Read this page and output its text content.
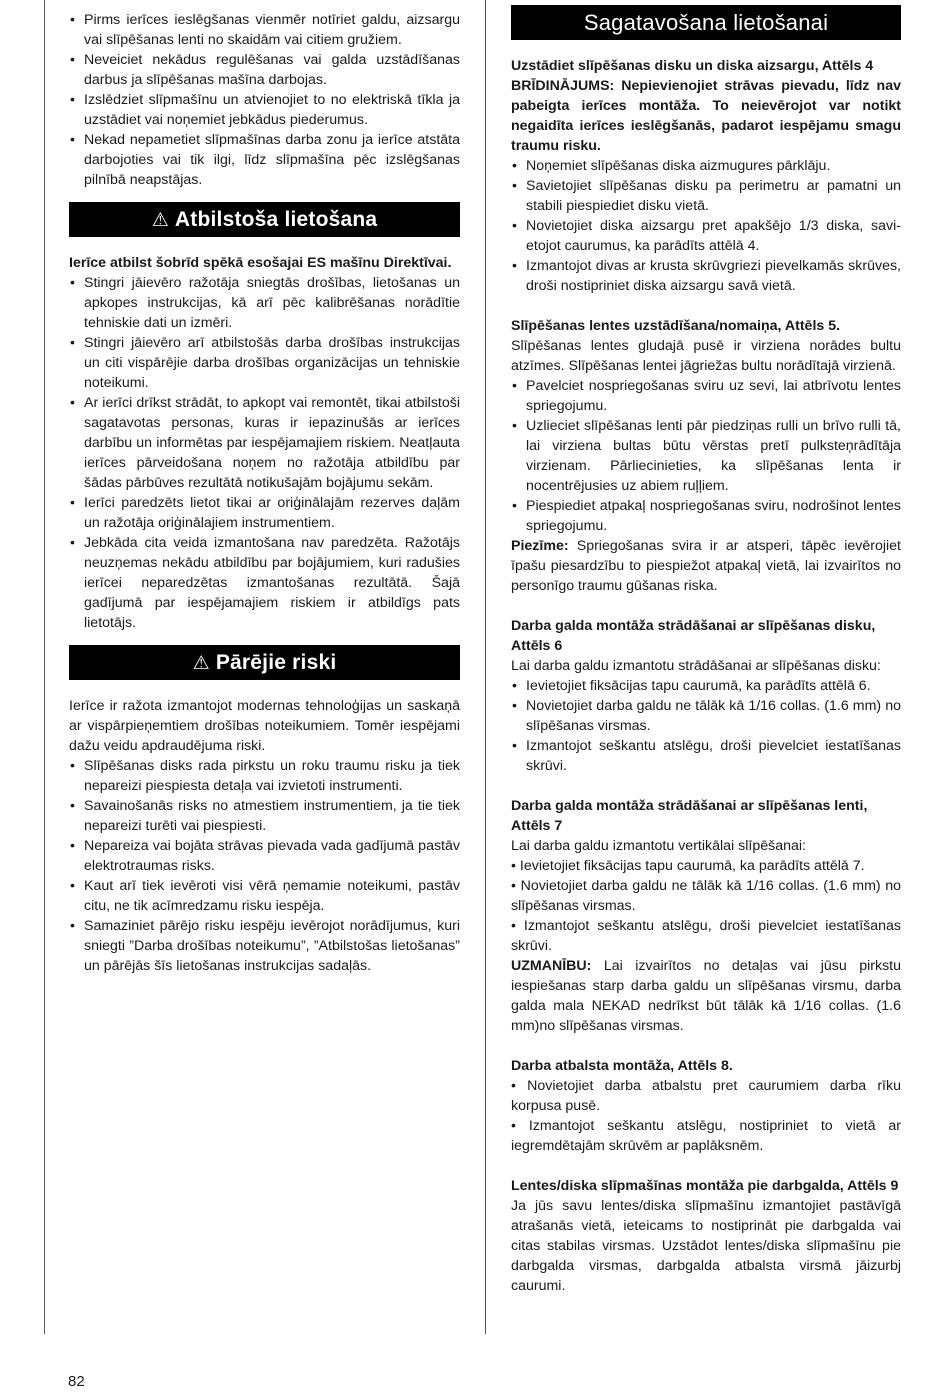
• Pirms ierīces ieslēgšanas vienmēr notīriet galdu, aizsargu vai slīpēšanas lenti no skaidām vai citiem gružiem.
• Neveiciet nekādus regulēšanas vai galda uzstādīšanas darbus ja slīpēšanas mašīna darbojas.
• Izslēdziet slīpmašīnu un atvienojiet to no elektriskā tīkla ja uzstādiet vai noņemiet jebkādus piederumus.
• Nekad nepametiet slīpmašīnas darba zonu ja ierīce atstāta darbojoties vai tik ilgi, līdz slīpmašīna pēc izslēgšanas pilnībā neapstājas.
⚠ Atbilstoša lietošana

Ierīce atbilst šobrīd spēkā esošajai ES mašīnu Direktīvai.

• Stingri jāievēro ražotāja sniegtās drošības, lietošanas un apkopes instrukcijas, kā arī pēc kalibrēšanas norādītie tehniskie dati un izmēri.
• Stingri jāievēro arī atbilstošās darba drošības instrukcijas un citi vispārējie darba drošības organizācijas un tehniskie noteikumi.
• Ar ierīci drīkst strādāt, to apkopt vai remontēt, tikai atbilstoši sagatavotas personas, kuras ir iepazinušās ar ierīces darbību un informētas par iespējamajiem riskiem. Neatļauta ierīces pārveidošana noņem no ražotāja atbildību par šādas pārbūves rezultātā notikušajām bojājumu sekām.
• Ierīci paredzēts lietot tikai ar oriģinālajām rezerves daļām un ražotāja oriģinālajiem instrumentiem.
• Jebkāda cita veida izmantošana nav paredzēta. Ražotājs neuzņemas nekādu atbildību par bojājumiem, kuri radušies ierīcei neparedzētas izmantošanas rezultātā. Šajā gadījumā par iespējamajiem riskiem ir atbildīgs pats lietotājs.
⚠ Pārējie riski

Ierīce ir ražota izmantojot modernas tehnoloģijas un saskaņā ar vispārpieņemtiem drošības noteikumiem. Tomēr iespējami dažu veidu apdraudējuma riski.

• Slīpēšanas disks rada pirkstu un roku traumu risku ja tiek nepareizi piespiesta detaļa vai izvietoti instrumenti.
• Savainošanās risks no atmestiem instrumentiem, ja tie tiek nepareizi turēti vai piespiesti.
• Nepareiza vai bojāta strāvas pievada vada gadījumā pastāv elektrotraumas risks.
• Kaut arī tiek ievēroti visi vērā ņemamie noteikumi, pastāv citu, ne tik acīmredzamu risku iespēja.
• Samaziniet pārējo risku iespēju ievērojot norādījumus, kuri sniegti ”Darba drošības noteikumu”, ”Atbilstošas lietošanas” un pārējās šīs lietošanas instrukcijas sadaļās.
Sagatavošana lietošanai

Uzstādiet slīpēšanas disku un diska aizsargu, Attēls 4

BRĪDINĀJUMS: Nepievienojiet strāvas pievadu, līdz nav pabeigta ierīces montāža. To neievērojot var notikt negaidīta ierīces ieslēgšanās, padarot iespējamu smagu traumu risku.

• Noņemiet slīpēšanas diska aizmugures pārklāju.
• Savietojiet slīpēšanas disku pa perimetru ar pamatni un stabili piespiediet disku vietā.
• Novietojiet diska aizsargu pret apakšējo 1/3 diska, savietojot caurumus, ka parādīts attēlā 4.
• Izmantojot divas ar krusta skrūvgriezi pievelkamās skrūves, droši nostipriniet diska aizsargu savā vietā.

Slīpēšanas lentes uzstādīšana/nomaiņa, Attēls 5.

Slīpēšanas lentes gludajā pusē ir virziena norādes bultu atzīmes. Slīpēšanas lentei jāgriežas bultu norādītajā virzienā.

• Pavelciet nospriegošanas sviru uz sevi, lai atbrīvotu lentes spriegojumu.
• Uzlieciet slīpēšanas lenti pār piedziņas rulli un brīvo rulli tā, lai virziena bultas būtu vērstas pretī pulksteņrādītāja virzienam. Pārliecinieties, ka slīpēšanas lenta ir nocentrējusies uz abiem ruļļiem.
• Piespiediet atpakaļ nospriegošanas sviru, nodrošinot lentes spriegojumu.

Piezīme: Spriegošanas svira ir ar atsperi, tāpēc ievērojiet īpašu piesardzību to piespiežot atpakaļ vietā, lai izvairītos no personīgo traumu gūšanas riska.

Darba galda montāža strādāšanai ar slīpēšanas disku, Attēls 6

Lai darba galdu izmantotu strādāšanai ar slīpēšanas disku:

• Ievietojiet fiksācijas tapu caurumā, ka parādīts attēlā 6.
• Novietojiet darba galdu ne tālāk kā 1/16 collas. (1.6 mm) no slīpēšanas virsmas.
• Izmantojot seškantu atslēgu, droši pievelciet iestatīšanas skrūvi.

Darba galda montāža strādāšanai ar slīpēšanas lenti, Attēls 7

Lai darba galdu izmantotu vertikālai slīpēšanai:

• Ievietojiet fiksācijas tapu caurumā, ka parādīts attēlā 7.

• Novietojiet darba galdu ne tālāk kā 1/16 collas. (1.6 mm) no slīpēšanas virsmas.

• Izmantojot seškantu atslēgu, droši pievelciet iestatīšanas skrūvi.

UZMANĪBU: Lai izvairītos no detaļas vai jūsu pirkstu iespiešanas starp darba galdu un slīpēšanas virsmu, darba galda mala NEKAD nedrīkst būt tālāk kā 1/16 collas. (1.6 mm)no slīpēšanas virsmas.

Darba atbalsta montāža, Attēls 8.

• Novietojiet darba atbalstu pret caurumiem darba rīku korpusa pusē.

• Izmantojot seškantu atslēgu, nostipriniet to vietā ar iegremdētajām skrūvēm ar paplāksnēm.

Lentes/diska slīpmašīnas montāža pie darbgalda, Attēls 9

Ja jūs savu lentes/diska slīpmašīnu izmantojiet pastāvīgā atrašanās vietā, ieteicams to nostiprināt pie darbgalda vai citas stabilas virsmas. Uzstādot lentes/diska slīpmašīnu pie darbgalda virsmas, darbgalda atbalsta virsmā jāizurbj caurumi.

82
